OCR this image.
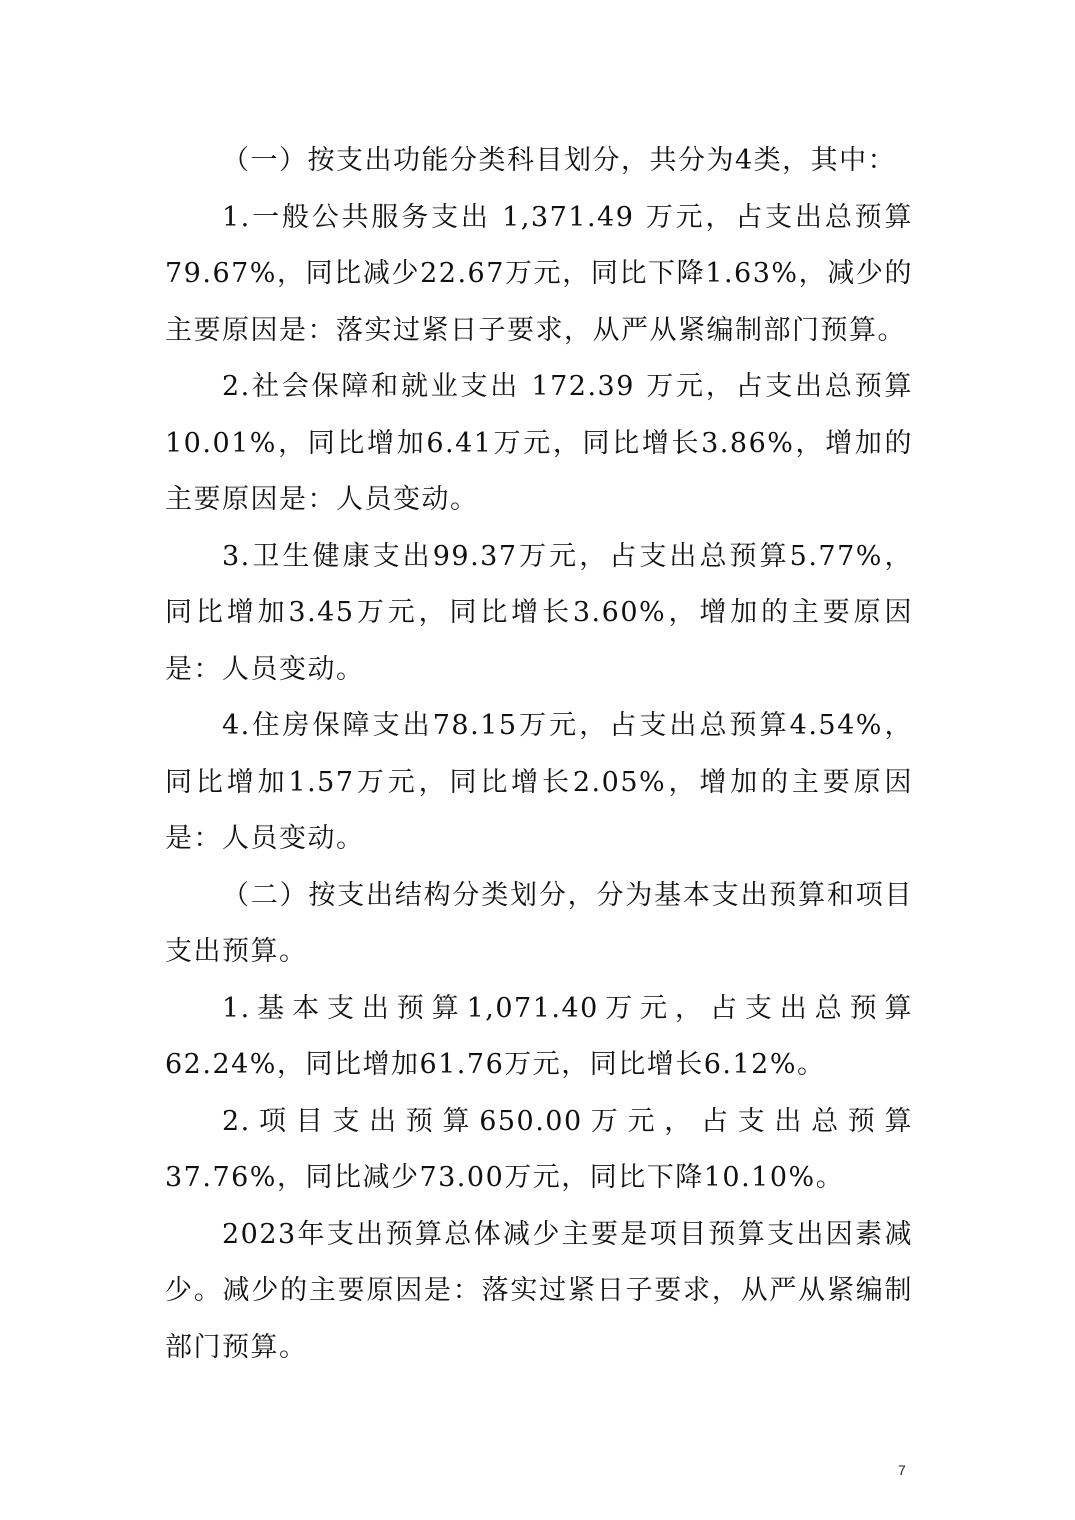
（一）按支出功能分类科目划分，共分为4类，其中：

1.一般公共服务支出 1,371.49 万元，占支出总预算79.67%，同比减少22.67万元，同比下降1.63%，减少的主要原因是：落实过紧日子要求，从严从紧编制部门预算。

2.社会保障和就业支出 172.39 万元，占支出总预算10.01%，同比增加6.41万元，同比增长3.86%，增加的主要原因是：人员变动。

3.卫生健康支出99.37万元，占支出总预算5.77%，同比增加3.45万元，同比增长3.60%，增加的主要原因是：人员变动。

4.住房保障支出78.15万元，占支出总预算4.54%，同比增加1.57万元，同比增长2.05%，增加的主要原因是：人员变动。

（二）按支出结构分类划分，分为基本支出预算和项目支出预算。

1.基本支出预算1,071.40万元，占支出总预算62.24%，同比增加61.76万元，同比增长6.12%。

2.项目支出预算650.00万元，占支出总预算37.76%，同比减少73.00万元，同比下降10.10%。

2023年支出预算总体减少主要是项目预算支出因素减少。减少的主要原因是：落实过紧日子要求，从严从紧编制部门预算。

7
